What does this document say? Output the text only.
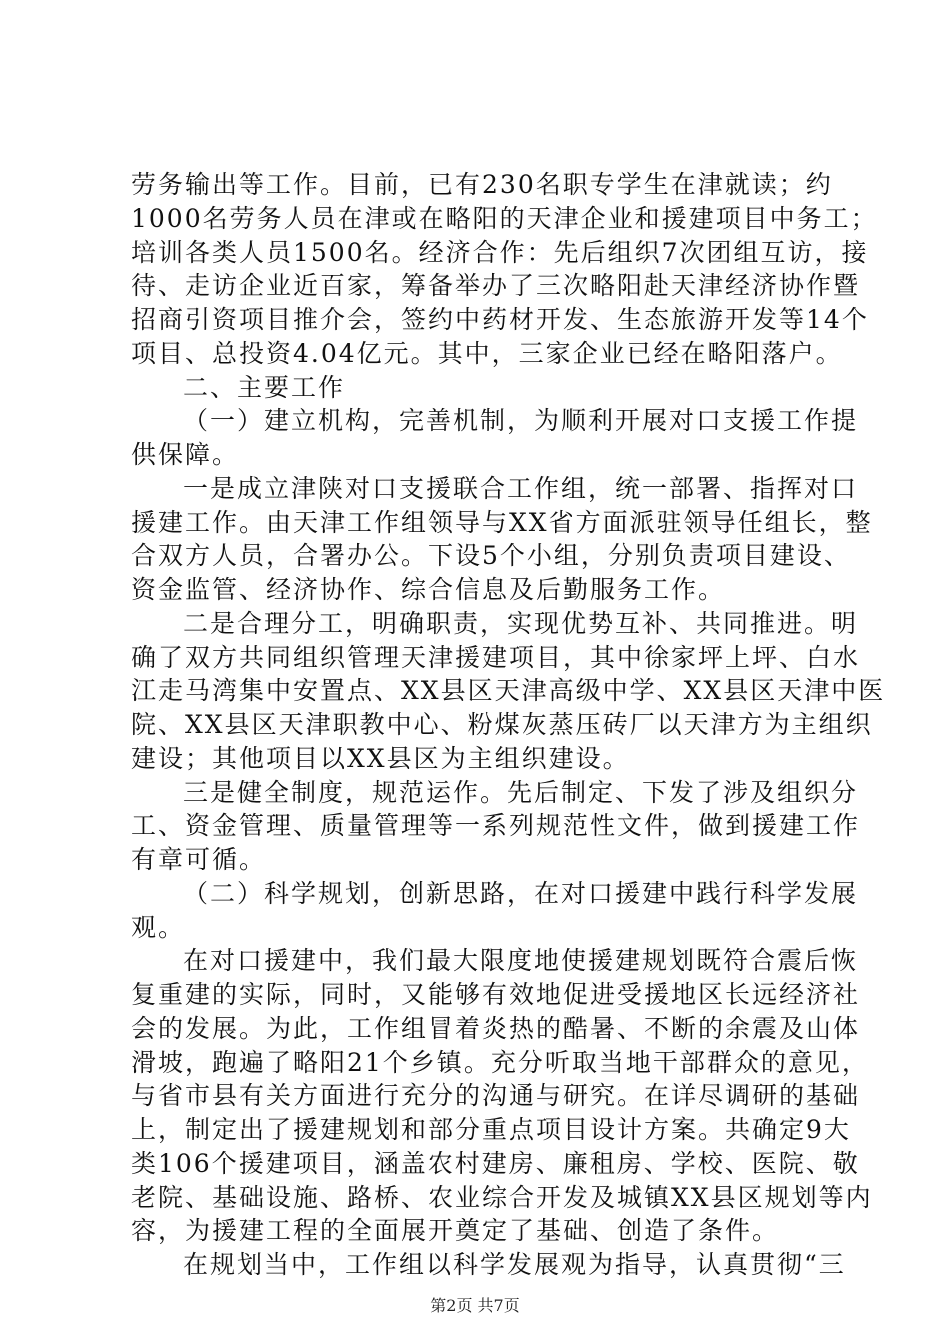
劳务输出等工作。目前，已有230名职专学生在津就读；约
1000名劳务人员在津或在略阳的天津企业和援建项目中务工；
培训各类人员1500名。经济合作：先后组织7次团组互访，接
待、走访企业近百家，筹备举办了三次略阳赴天津经济协作暨
招商引资项目推介会，签约中药材开发、生态旅游开发等14个
项目、总投资4.04亿元。其中，三家企业已经在略阳落户。
二、主要工作
（一）建立机构，完善机制，为顺利开展对口支援工作提
供保障。
一是成立津陕对口支援联合工作组，统一部署、指挥对口
援建工作。由天津工作组领导与XX省方面派驻领导任组长，整
合双方人员，合署办公。下设5个小组，分别负责项目建设、
资金监管、经济协作、综合信息及后勤服务工作。
二是合理分工，明确职责，实现优势互补、共同推进。明
确了双方共同组织管理天津援建项目，其中徐家坪上坪、白水
江走马湾集中安置点、XX县区天津高级中学、XX县区天津中医
院、XX县区天津职教中心、粉煤灰蒸压砖厂以天津方为主组织
建设；其他项目以XX县区为主组织建设。
三是健全制度，规范运作。先后制定、下发了涉及组织分
工、资金管理、质量管理等一系列规范性文件，做到援建工作
有章可循。
（二）科学规划，创新思路，在对口援建中践行科学发展
观。
在对口援建中，我们最大限度地使援建规划既符合震后恢
复重建的实际，同时，又能够有效地促进受援地区长远经济社
会的发展。为此，工作组冒着炎热的酷暑、不断的余震及山体
滑坡，跑遍了略阳21个乡镇。充分听取当地干部群众的意见，
与省市县有关方面进行充分的沟通与研究。在详尽调研的基础
上，制定出了援建规划和部分重点项目设计方案。共确定9大
类106个援建项目，涵盖农村建房、廉租房、学校、医院、敬
老院、基础设施、路桥、农业综合开发及城镇XX县区规划等内
容，为援建工程的全面展开奠定了基础、创造了条件。
在规划当中，工作组以科学发展观为指导，认真贯彻“三
第2页 共7页
